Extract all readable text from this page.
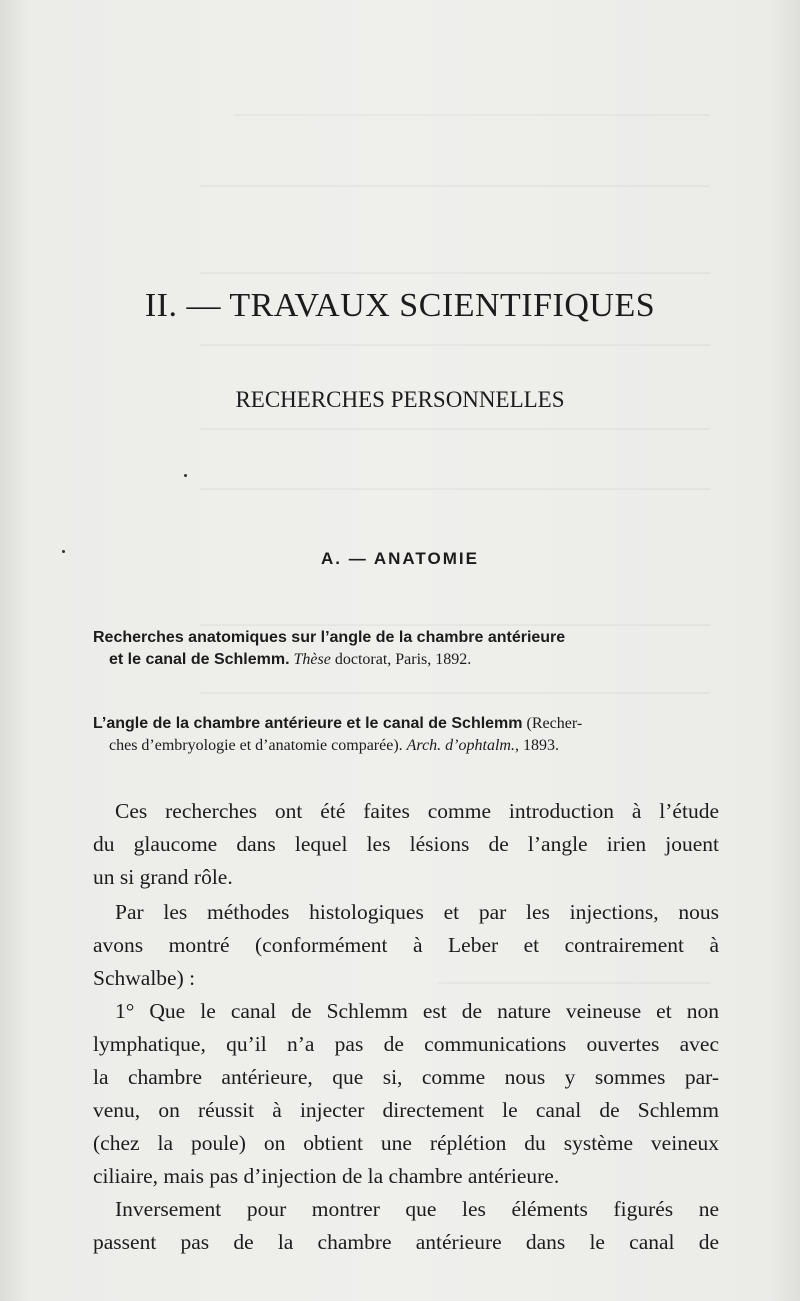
————————————————————————————
——————————————————————————————
——————————————————————————————
——————————————————————————————
——————————————————————————————
——————————————————————————————
——————————————————————————————
——————————————————————————————
————————————————
II. — TRAVAUX SCIENTIFIQUES
RECHERCHES PERSONNELLES
A. — ANATOMIE

Recherches anatomiques sur l’angle de la chambre antérieure
et le canal de Schlemm. Thèse doctorat, Paris, 1892.

L’angle de la chambre antérieure et le canal de Schlemm (Recher-
ches d’embryologie et d’anatomie comparée). Arch. d’ophtalm., 1893.

Ces recherches ont été faites comme introduction à l’étude
du glaucome dans lequel les lésions de l’angle irien jouent
un si grand rôle.

Par les méthodes histologiques et par les injections, nous
avons montré (conformément à Leber et contrairement à
Schwalbe) :

1° Que le canal de Schlemm est de nature veineuse et non
lymphatique, qu’il n’a pas de communications ouvertes avec
la chambre antérieure, que si, comme nous y sommes par-
venu, on réussit à injecter directement le canal de Schlemm
(chez la poule) on obtient une réplétion du système veineux
ciliaire, mais pas d’injection de la chambre antérieure.

Inversement pour montrer que les éléments figurés ne
passent pas de la chambre antérieure dans le canal de
